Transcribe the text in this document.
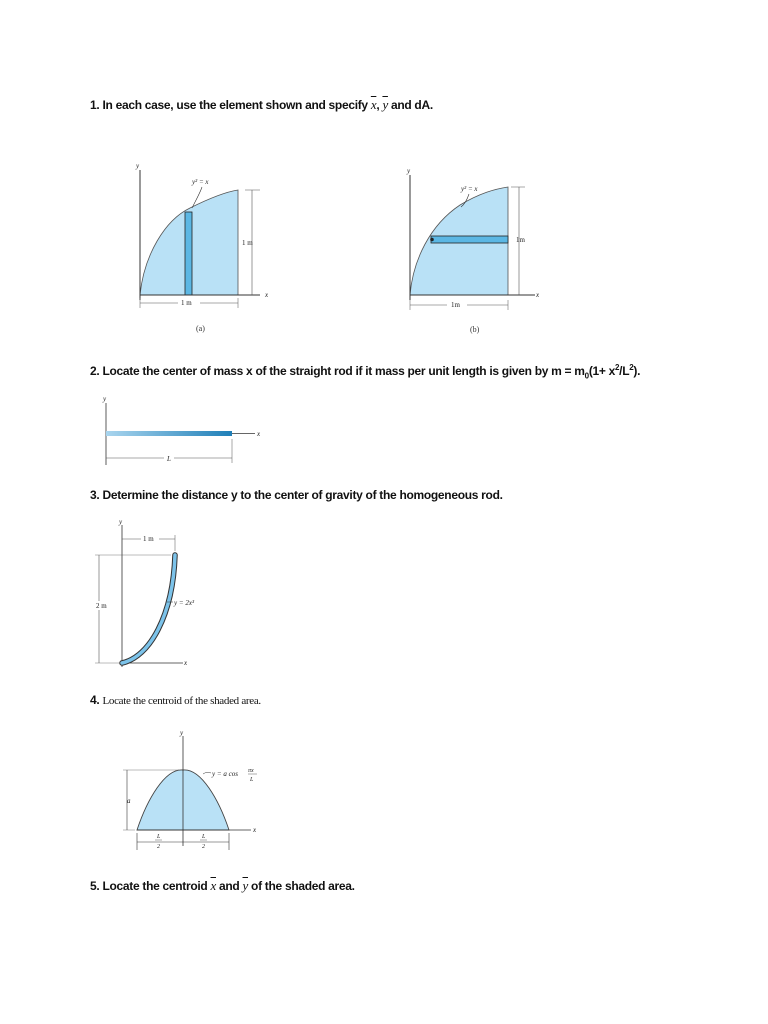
1. In each case, use the element shown and specify $\overline{x}$, $\overline{y}$ and dA.
y
x
y² = x
1 m
1 m
(a)
y
x
y² = x
1m
1m
(b)
2. Locate the center of mass x of the straight rod if it mass per unit length is given by $m = m_0(1+ x^2/L^2)$.
y
x
L
3. Determine the distance y to the center of gravity of the homogeneous rod.
y
x
1 m
2 m	y = 2x³
4. Locate the centroid of the shaded area.
y
x
y = a cos πx
L
a
L
2
L
2
5. Locate the centroid $\overline{x}$ and $\overline{y}$ of the shaded area.
